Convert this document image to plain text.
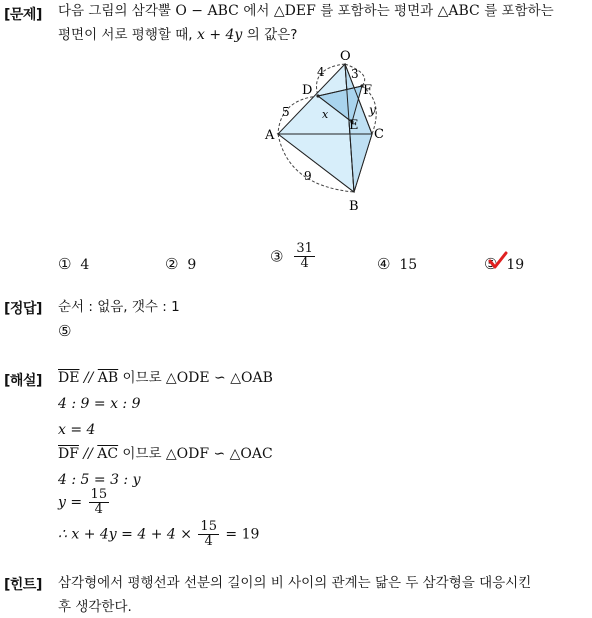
[문제]
[정답]
[해설]
[힌트]
다음 그림의 삼각뿔 O − ABC 에서 △DEF 를 포함하는 평면과 △ABC 를 포함하는
평면이 서로 평행할 때, x + 4y 의 값은?
O
A
B
C
D
E
F
4 3
5
9
x	y
① 4	② 9	③ $\frac{31}{4}$	④ 15	⑤ 19
순서 : 없음, 갯수 : 1
⑤
$\overline{DE} // \overline{AB}$ 이므로 △ODE ∽ △OAB
4 : 9 = x : 9
x = 4
$\overline{DF} // \overline{AC}$ 이므로 △ODF ∽ △OAC
4 : 5 = 3 : y
$y = \frac{15}{4}$
∴ $x + 4y = 4 + 4 \times \frac{15}{4} = 19$
삼각형에서 평행선과 선분의 길이의 비 사이의 관계는 닮은 두 삼각형을 대응시킨
후 생각한다.
